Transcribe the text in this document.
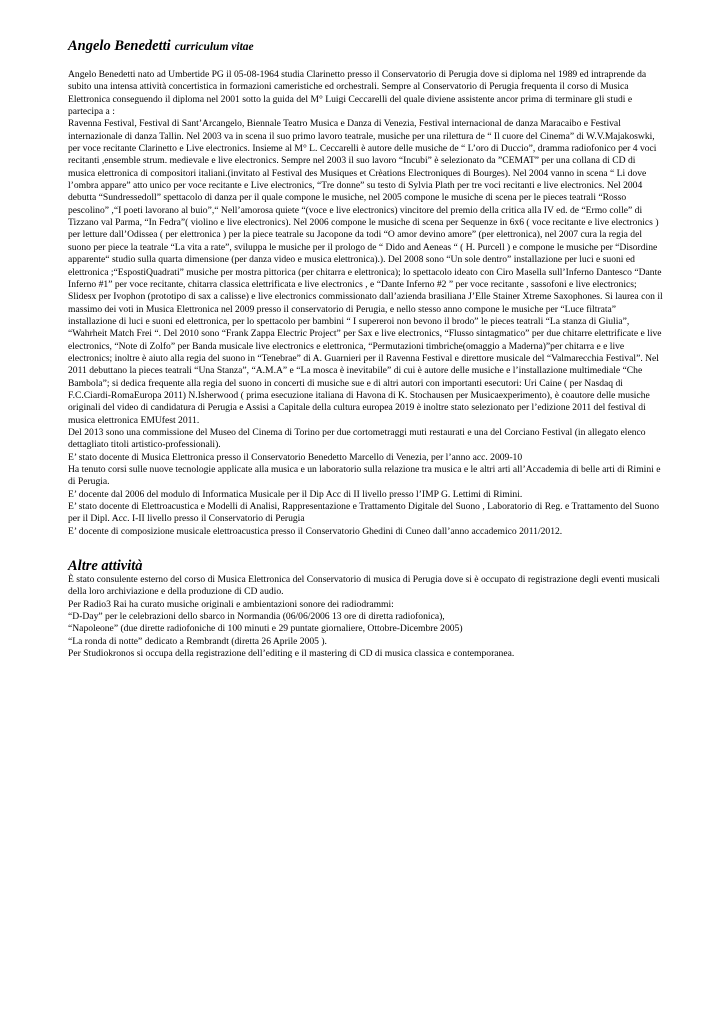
Angelo Benedetti curriculum vitae

Angelo Benedetti nato ad Umbertide PG il 05-08-1964 studia Clarinetto presso il Conservatorio di Perugia dove si diploma nel 1989 ed intraprende da subito una intensa attività concertistica in formazioni cameristiche ed orchestrali. Sempre al Conservatorio di Perugia frequenta il corso di Musica Elettronica conseguendo il diploma nel 2001 sotto la guida del M° Luigi Ceccarelli del quale diviene assistente ancor prima di terminare gli studi e partecipa a :

Ravenna Festival, Festival di Sant’Arcangelo, Biennale Teatro Musica e Danza di Venezia, Festival internacional de danza Maracaibo e Festival internazionale di danza Tallin. Nel 2003 va in scena il suo primo lavoro teatrale, musiche per una rilettura de “ Il cuore del Cinema” di W.V.Majakoswki, per voce recitante Clarinetto e Live electronics. Insieme al M° L. Ceccarelli è autore delle musiche de “ L’oro di Duccio”, dramma radiofonico per 4 voci recitanti ,ensemble strum. medievale e live electronics. Sempre nel 2003 il suo lavoro “Incubi” è selezionato da ”CEMAT” per una collana di CD di musica elettronica di compositori italiani.(invitato al Festival des Musiques et Crèations Electroniques di Bourges). Nel 2004 vanno in scena “ Li dove l’ombra appare” atto unico per voce recitante e Live electronics, “Tre donne” su testo di Sylvia Plath per tre voci recitanti e live electronics. Nel 2004 debutta “Sundressedoll” spettacolo di danza per il quale compone le musiche, nel 2005 compone le musiche di scena per le pieces teatrali “Rosso pescolino” ,“I poeti lavorano al buio”,“ Nell’amorosa quiete “(voce e live electronics) vincitore del premio della critica alla IV ed. de “Ermo colle” di Tizzano val Parma, “In Fedra”( violino e live electronics). Nel 2006 compone le musiche di scena per Sequenze in 6x6 ( voce recitante e live electronics ) per letture dall’Odissea ( per elettronica ) per la piece teatrale su Jacopone da todi “O amor devino amore” (per elettronica), nel 2007 cura la regia del suono per piece la teatrale “La vita a rate”, sviluppa le musiche per il prologo de “ Dido and Aeneas “ ( H. Purcell ) e compone le musiche per “Disordine apparente“ studio sulla quarta dimensione (per danza video e musica elettronica).). Del 2008 sono “Un sole dentro” installazione per luci e suoni ed elettronica ;“EspostiQuadrati” musiche per mostra pittorica (per chitarra e elettronica); lo spettacolo ideato con Ciro Masella sull’Inferno Dantesco “Dante Inferno #1” per voce recitante, chitarra classica elettrificata e live electronics , e “Dante Inferno #2 ” per voce recitante , sassofoni e live electronics; Slidesx per Ivophon (prototipo di sax a calisse) e live electronics commissionato dall’azienda brasiliana J’Elle Stainer Xtreme Saxophones. Si laurea con il massimo dei voti in Musica Elettronica nel 2009 presso il conservatorio di Perugia, e nello stesso anno compone le musiche per “Luce filtrata” installazione di luci e suoni ed elettronica, per lo spettacolo per bambini “ I supereroi non bevono il brodo” le pieces teatrali “La stanza di Giulia”, “Wahrheit Match Frei “. Del 2010 sono “Frank Zappa Electric Project” per Sax e live electronics, “Flusso sintagmatico” per due chitarre elettrificate e live electronics, “Note di Zolfo” per Banda musicale live electronics e elettronica, “Permutazioni timbriche(omaggio a Maderna)”per chitarra e e live electronics; inoltre è aiuto alla regia del suono in “Tenebrae” di A. Guarnieri per il Ravenna Festival e direttore musicale del “Valmarecchia Festival”. Nel 2011 debuttano la pieces teatrali “Una Stanza”, “A.M.A” e “La mosca è inevitabile” di cui è autore delle musiche e l’installazione multimediale “Che Bambola”; si dedica frequente alla regia del suono in concerti di musiche sue e di altri autori con importanti esecutori: Uri Caine ( per Nasdaq di F.C.Ciardi-RomaEuropa 2011) N.Isherwood ( prima esecuzione italiana di Havona di K. Stochausen per Musicaexperimento), è coautore delle musiche originali del video di candidatura di Perugia e Assisi a Capitale della cultura europea 2019 è inoltre stato selezionato per l’edizione 2011 del festival di musica elettronica EMUfest 2011.

Del 2013 sono una commissione del Museo del Cinema di Torino per due cortometraggi muti restaurati e una del Corciano Festival (in allegato elenco dettagliato titoli artistico-professionali).

E’ stato docente di Musica Elettronica presso il Conservatorio Benedetto Marcello di Venezia, per l’anno acc. 2009-10

Ha tenuto corsi sulle nuove tecnologie applicate alla musica e un laboratorio sulla relazione tra musica e le altri arti all’Accademia di belle arti di Rimini e di Perugia.

E’ docente dal 2006 del modulo di Informatica Musicale per il Dip Acc di II livello presso l’IMP G. Lettimi di Rimini.

E’ stato docente di Elettroacustica e Modelli di Analisi, Rappresentazione e Trattamento Digitale del Suono , Laboratorio di Reg. e Trattamento del Suono per il Dipl. Acc. I-II livello presso il Conservatorio di Perugia

E’ docente di composizione musicale elettroacustica presso il Conservatorio Ghedini di Cuneo dall’anno accademico 2011/2012.

Altre attività

È stato consulente esterno del corso di Musica Elettronica del Conservatorio di musica di Perugia dove si è occupato di registrazione degli eventi musicali della loro archiviazione e della produzione di CD audio.

Per Radio3 Rai ha curato musiche originali e ambientazioni sonore dei radiodrammi:

“D-Day” per le celebrazioni dello sbarco in Normandia (06/06/2006 13 ore di diretta radiofonica),

“Napoleone” (due dirette radiofoniche di 100 minuti e 29 puntate giornaliere, Ottobre-Dicembre 2005)

“La ronda di notte” dedicato a Rembrandt (diretta 26 Aprile 2005 ).

Per Studiokronos si occupa della registrazione dell’editing e il mastering di CD di musica classica e contemporanea.
